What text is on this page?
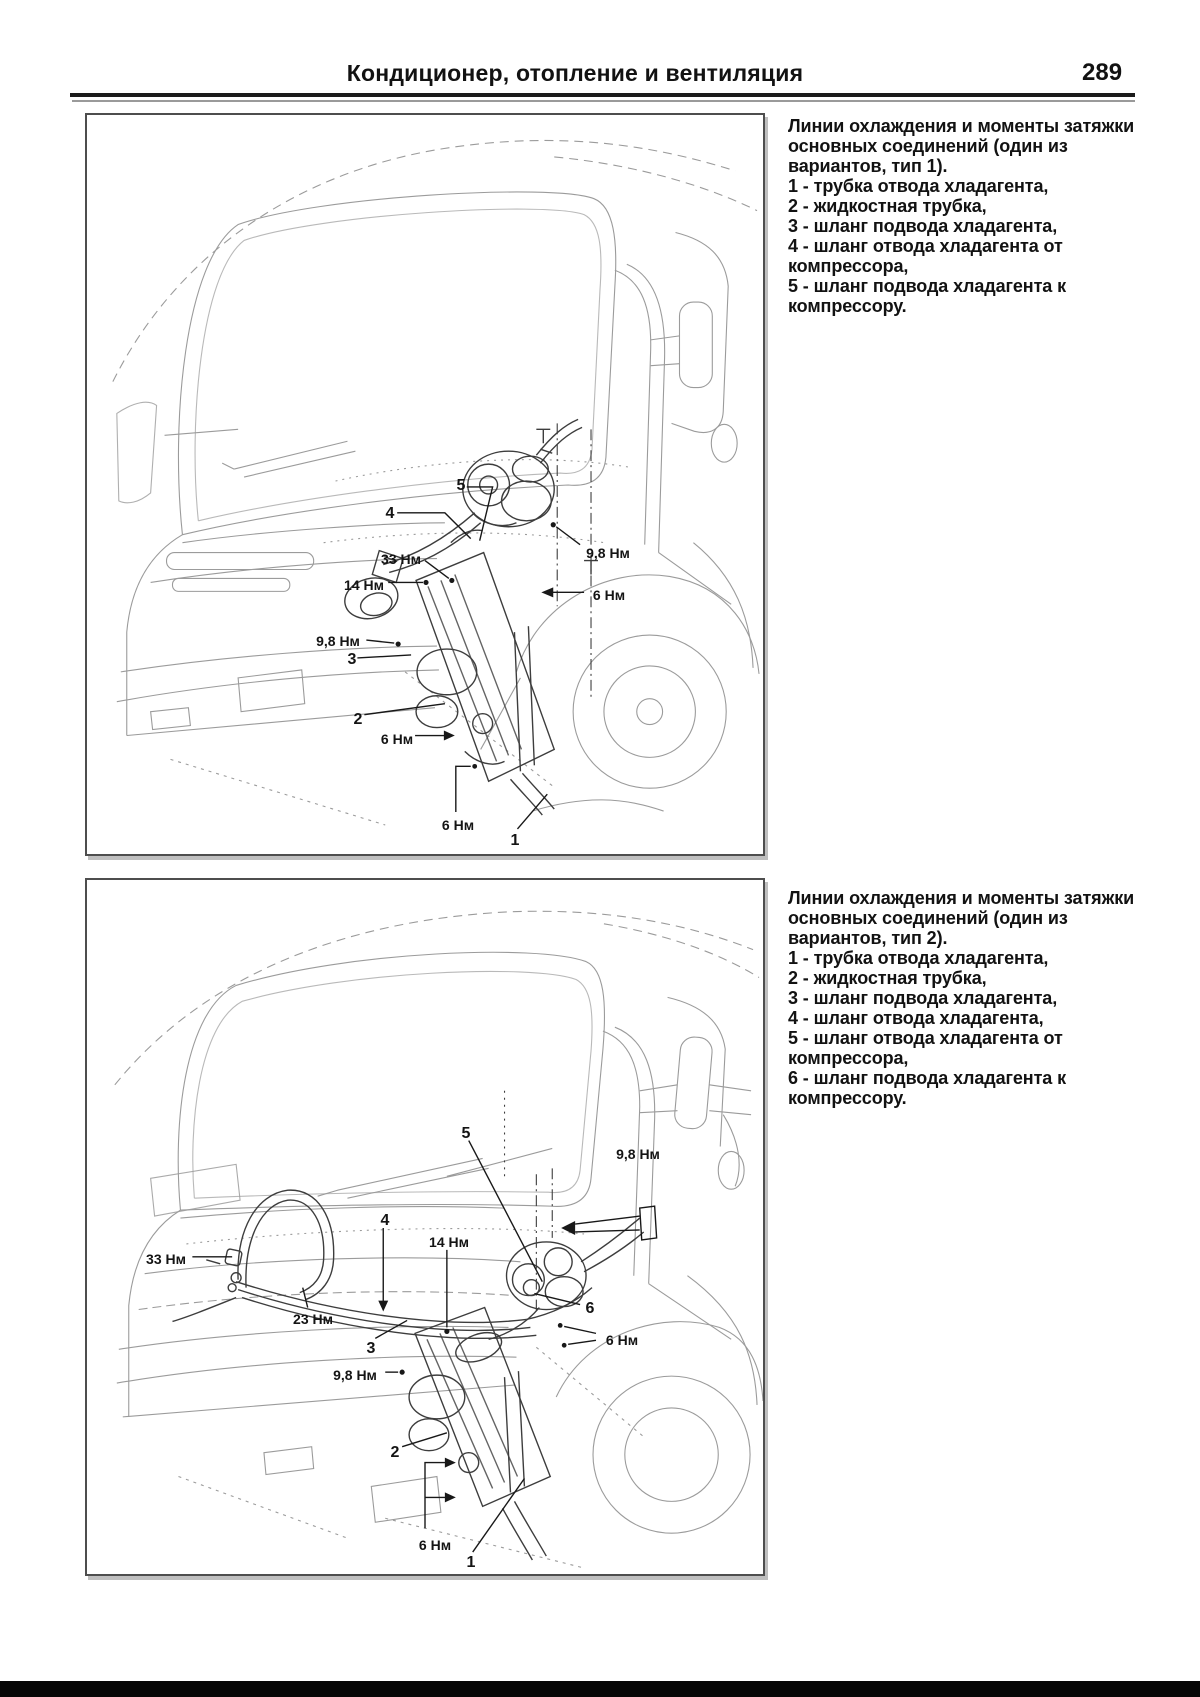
Кондиционер, отопление и вентиляция	289
5
4
33 Нм
14 Нм
9,8 Нм
6 Нм
9,8 Нм
3
2
6 Нм
6 Нм
1

Линии охлаждения и моменты затяжки основных соединений (один из вариантов, тип 1).

1 - трубка отвода хладагента,
2 - жидкостная трубка,
3 - шланг подвода хладагента,
4 - шланг отвода хладагента от компрессора,
5 - шланг подвода хладагента к компрессору.
5
9,8 Нм
4
14 Нм
33 Нм
23 Нм
3
9,8 Нм
6
6 Нм
2
6 Нм
1

Линии охлаждения и моменты затяжки основных соединений (один из вариантов, тип 2).

1 - трубка отвода хладагента,
2 - жидкостная трубка,
3 - шланг подвода хладагента,
4 - шланг отвода хладагента,
5 - шланг отвода хладагента от компрессора,
6 - шланг подвода хладагента к компрессору.
